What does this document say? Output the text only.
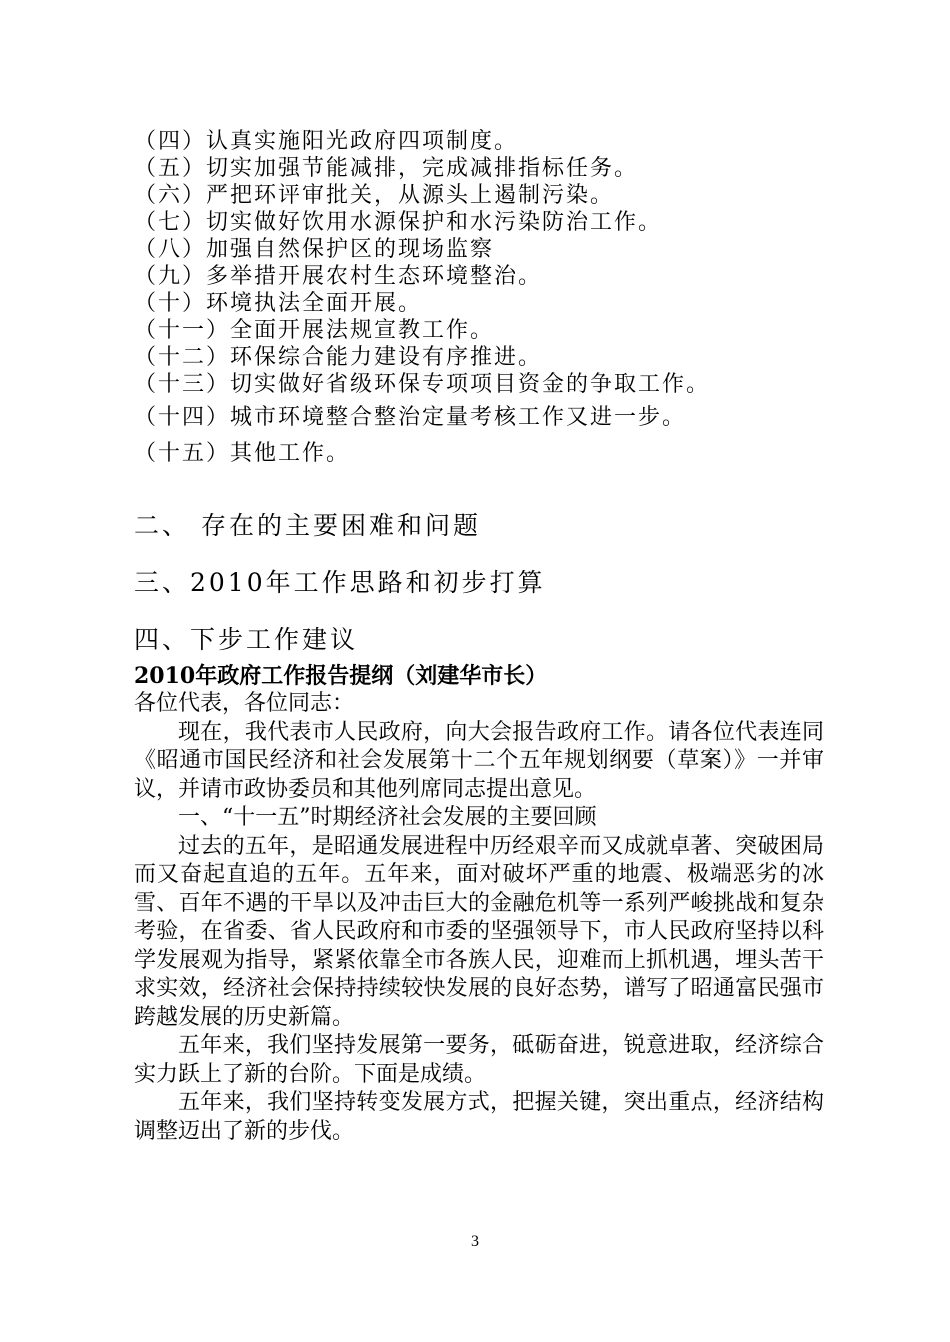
（四）认真实施阳光政府四项制度。
（五）切实加强节能减排，完成减排指标任务。
（六）严把环评审批关，从源头上遏制污染。
（七）切实做好饮用水源保护和水污染防治工作。
（八）加强自然保护区的现场监察
（九）多举措开展农村生态环境整治。
（十）环境执法全面开展。
（十一）全面开展法规宣教工作。
（十二）环保综合能力建设有序推进。
（十三）切实做好省级环保专项项目资金的争取工作。
（十四）城市环境整合整治定量考核工作又进一步。
（十五）其他工作。
二、 存在的主要困难和问题
三、2010年工作思路和初步打算
四、下步工作建议
2010年政府工作报告提纲（刘建华市长）
各位代表，各位同志：
现在，我代表市人民政府，向大会报告政府工作。请各位代表连同《昭通市国民经济和社会发展第十二个五年规划纲要（草案）》一并审议，并请市政协委员和其他列席同志提出意见。
一、“十一五”时期经济社会发展的主要回顾
过去的五年，是昭通发展进程中历经艰辛而又成就卓著、突破困局而又奋起直追的五年。五年来，面对破坏严重的地震、极端恶劣的冰雪、百年不遇的干旱以及冲击巨大的金融危机等一系列严峻挑战和复杂考验，在省委、省人民政府和市委的坚强领导下，市人民政府坚持以科学发展观为指导，紧紧依靠全市各族人民，迎难而上抓机遇，埋头苦干求实效，经济社会保持持续较快发展的良好态势，谱写了昭通富民强市跨越发展的历史新篇。
五年来，我们坚持发展第一要务，砥砺奋进，锐意进取，经济综合实力跃上了新的台阶。下面是成绩。
五年来，我们坚持转变发展方式，把握关键，突出重点，经济结构调整迈出了新的步伐。
3
